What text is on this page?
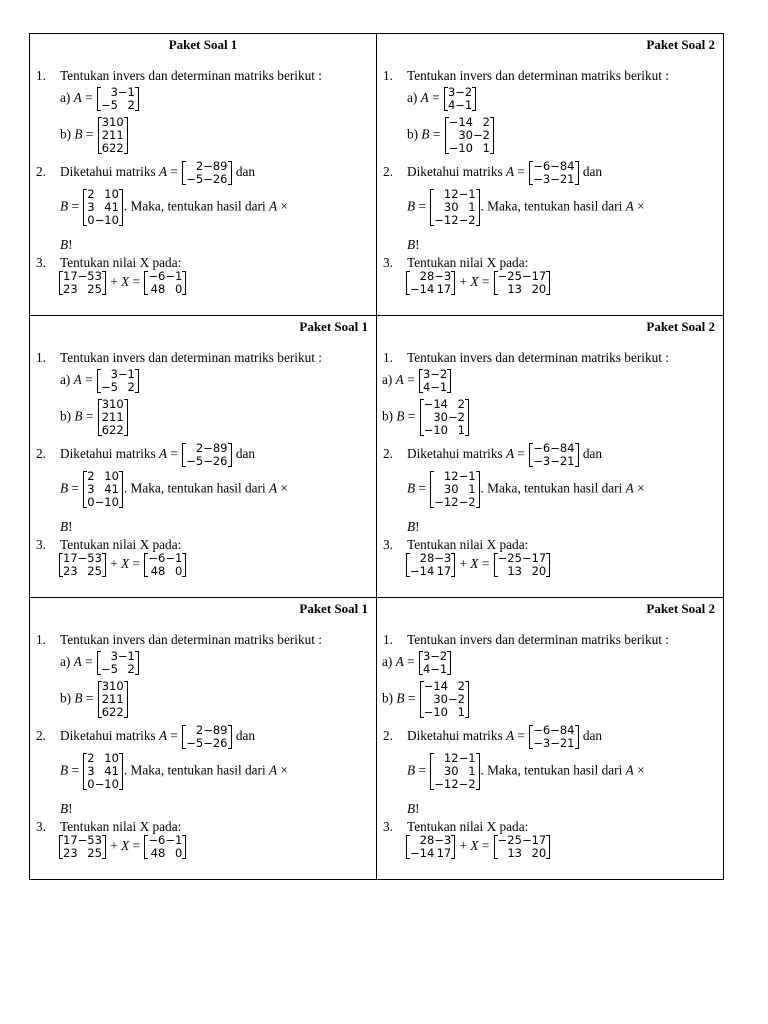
Paket Soal 1
1. Tentukan invers dan determinan matriks berikut :
a) A = 3	−1
−5	2
b) B =
3	1	0
2	1	1
6	2	2
2. Diketahui matriks A = 2	−8	9
−5	−2	6 dan
B =
2	1	0
3	4	1
0	−1	0
. Maka, tentukan hasil dari A ×
B!
3. Tentukan nilai X pada:
17	−53
23	25 + X = −6	−1
48	0

Paket Soal 2
1. Tentukan invers dan determinan matriks berikut :
a) A = 3	−2
4	−1
b) B =
−1	4	2
3	0	−2
−1	0	1
2. Diketahui matriks A = −6	−8	4
−3	−2	1 dan
B =
1	2	−1
3	0	1
−1	2	−2
. Maka, tentukan hasil dari A ×
B!
3. Tentukan nilai X pada:
28	−3
−14	17 + X = −25	−17
13	20

Paket Soal 1
1. Tentukan invers dan determinan matriks berikut :
a) A = 3	−1
−5	2
b) B =
3	1	0
2	1	1
6	2	2
2. Diketahui matriks A = 2	−8	9
−5	−2	6 dan
B =
2	1	0
3	4	1
0	−1	0
. Maka, tentukan hasil dari A ×
B!
3. Tentukan nilai X pada:
17	−53
23	25 + X = −6	−1
48	0

Paket Soal 2
1. Tentukan invers dan determinan matriks berikut :
a) A = 3	−2
4	−1
b) B =
−1	4	2
3	0	−2
−1	0	1
2. Diketahui matriks A = −6	−8	4
−3	−2	1 dan
B =
1	2	−1
3	0	1
−1	2	−2
. Maka, tentukan hasil dari A ×
B!
3. Tentukan nilai X pada:
28	−3
−14	17 + X = −25	−17
13	20

Paket Soal 1
1. Tentukan invers dan determinan matriks berikut :
a) A = 3	−1
−5	2
b) B =
3	1	0
2	1	1
6	2	2
2. Diketahui matriks A = 2	−8	9
−5	−2	6 dan
B =
2	1	0
3	4	1
0	−1	0
. Maka, tentukan hasil dari A ×
B!
3. Tentukan nilai X pada:
17	−53
23	25 + X = −6	−1
48	0

Paket Soal 2
1. Tentukan invers dan determinan matriks berikut :
a) A = 3	−2
4	−1
b) B =
−1	4	2
3	0	−2
−1	0	1
2. Diketahui matriks A = −6	−8	4
−3	−2	1 dan
B =
1	2	−1
3	0	1
−1	2	−2
. Maka, tentukan hasil dari A ×
B!
3. Tentukan nilai X pada:
28	−3
−14	17 + X = −25	−17
13	20
